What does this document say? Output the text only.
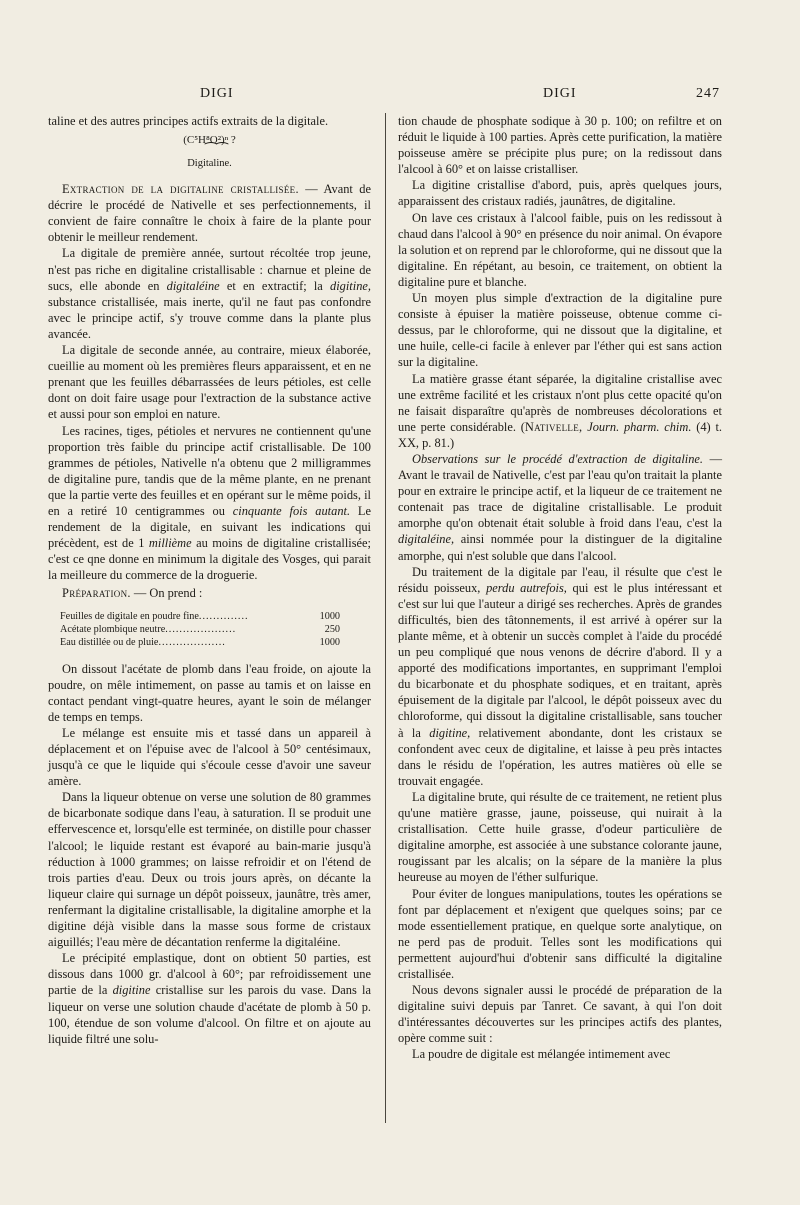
DIGI	DIGI	247

taline et des autres principes actifs extraits de la digitale.

(C⁵H⁸O²)ⁿ ?

⁀⁀

Digitaline.

Extraction de la digitaline cristallisée. — Avant de décrire le procédé de Nativelle et ses perfectionnements, il convient de faire connaître le choix à faire de la plante pour obtenir le meilleur rendement.

La digitale de première année, surtout récoltée trop jeune, n'est pas riche en digitaline cristallisable : charnue et pleine de sucs, elle abonde en digitaléine et en extractif; la digitine, substance cristallisée, mais inerte, qu'il ne faut pas confondre avec le principe actif, s'y trouve comme dans la plante plus avancée.

La digitale de seconde année, au contraire, mieux élaborée, cueillie au moment où les premières fleurs apparaissent, et en ne prenant que les feuilles débarrassées de leurs pétioles, est celle dont on doit faire usage pour l'extraction de la substance active et aussi pour son emploi en nature.

Les racines, tiges, pétioles et nervures ne contiennent qu'une proportion très faible du principe actif cristallisable. De 100 grammes de pétioles, Nativelle n'a obtenu que 2 milligrammes de digitaline pure, tandis que de la même plante, en ne prenant que la partie verte des feuilles et en opérant sur le même poids, il en a retiré 10 centigrammes ou cinquante fois autant. Le rendement de la digitale, en suivant les indications qui précèdent, est de 1 millième au moins de digitaline cristallisée; c'est ce qne donne en minimum la digitale des Vosges, qui parait la meilleure du commerce de la droguerie.

Préparation. — On prend :

Feuilles de digitale en poudre fine..............	1000
Acétate plombique neutre....................	250
Eau distillée ou de pluie...................	1000

On dissout l'acétate de plomb dans l'eau froide, on ajoute la poudre, on mêle intimement, on passe au tamis et on laisse en contact pendant vingt-quatre heures, ayant le soin de mélanger de temps en temps.

Le mélange est ensuite mis et tassé dans un appareil à déplacement et on l'épuise avec de l'alcool à 50° centésimaux, jusqu'à ce que le liquide qui s'écoule cesse d'avoir une saveur amère.

Dans la liqueur obtenue on verse une solution de 80 grammes de bicarbonate sodique dans l'eau, à saturation. Il se produit une effervescence et, lorsqu'elle est terminée, on distille pour chasser l'alcool; le liquide restant est évaporé au bain-marie jusqu'à réduction à 1000 grammes; on laisse refroidir et on l'étend de trois parties d'eau. Deux ou trois jours après, on décante la liqueur claire qui surnage un dépôt poisseux, jaunâtre, très amer, renfermant la digitaline cristallisable, la digitaline amorphe et la digitine déjà visible dans la masse sous forme de cristaux aiguillés; l'eau mère de décantation renferme la digitaléine.

Le précipité emplastique, dont on obtient 50 parties, est dissous dans 1000 gr. d'alcool à 60°; par refroidissement une partie de la digitine cristallise sur les parois du vase. Dans la liqueur on verse une solution chaude d'acétate de plomb à 50 p. 100, étendue de son volume d'alcool. On filtre et on ajoute au liquide filtré une solu-

tion chaude de phosphate sodique à 30 p. 100; on refiltre et on réduit le liquide à 100 parties. Après cette purification, la matière poisseuse amère se précipite plus pure; on la redissout dans l'alcool à 60° et on laisse cristalliser.

La digitine cristallise d'abord, puis, après quelques jours, apparaissent des cristaux radiés, jaunâtres, de digitaline.

On lave ces cristaux à l'alcool faible, puis on les redissout à chaud dans l'alcool à 90° en présence du noir animal. On évapore la solution et on reprend par le chloroforme, qui ne dissout que la digitaline. En répétant, au besoin, ce traitement, on obtient la digitaline pure et blanche.

Un moyen plus simple d'extraction de la digitaline pure consiste à épuiser la matière poisseuse, obtenue comme ci-dessus, par le chloroforme, qui ne dissout que la digitaline, et une huile, celle-ci facile à enlever par l'éther qui est sans action sur la digitaline.

La matière grasse étant séparée, la digitaline cristallise avec une extrême facilité et les cristaux n'ont plus cette opacité qu'on ne faisait disparaître qu'après de nombreuses décolorations et une perte considérable. (Nativelle, Journ. pharm. chim. (4) t. XX, p. 81.)

Observations sur le procédé d'extraction de digitaline. — Avant le travail de Nativelle, c'est par l'eau qu'on traitait la plante pour en extraire le principe actif, et la liqueur de ce traitement ne contenait pas trace de digitaline cristallisable. Le produit amorphe qu'on obtenait était soluble à froid dans l'eau, c'est la digitaléine, ainsi nommée pour la distinguer de la digitaline amorphe, qui n'est soluble que dans l'alcool.

Du traitement de la digitale par l'eau, il résulte que c'est le résidu poisseux, perdu autrefois, qui est le plus intéressant et c'est sur lui que l'auteur a dirigé ses recherches. Après de grandes difficultés, bien des tâtonnements, il est arrivé à opérer sur la plante même, et à obtenir un succès complet à l'aide du procédé un peu compliqué que nous venons de décrire d'abord. Il y a apporté des modifications importantes, en supprimant l'emploi du bicarbonate et du phosphate sodiques, et en traitant, après épuisement de la digitale par l'alcool, le dépôt poisseux avec du chloroforme, qui dissout la digitaline cristallisable, sans toucher à la digitine, relativement abondante, dont les cristaux se confondent avec ceux de digitaline, et laisse à peu près intactes dans le résidu de l'opération, les autres matières où elle se trouvait engagée.

La digitaline brute, qui résulte de ce traitement, ne retient plus qu'une matière grasse, jaune, poisseuse, qui nuirait à la cristallisation. Cette huile grasse, d'odeur particulière de digitaline amorphe, est associée à une substance colorante jaune, rougissant par les alcalis; on la sépare de la manière la plus heureuse au moyen de l'éther sulfurique.

Pour éviter de longues manipulations, toutes les opérations se font par déplacement et n'exigent que quelques soins; par ce mode essentiellement pratique, en quelque sorte analytique, on ne perd pas de produit. Telles sont les modifications qui permettent aujourd'hui d'obtenir sans difficulté la digitaline cristallisée.

Nous devons signaler aussi le procédé de préparation de la digitaline suivi depuis par Tanret. Ce savant, à qui l'on doit d'intéressantes découvertes sur les principes actifs des plantes, opère comme suit :

La poudre de digitale est mélangée intimement avec
